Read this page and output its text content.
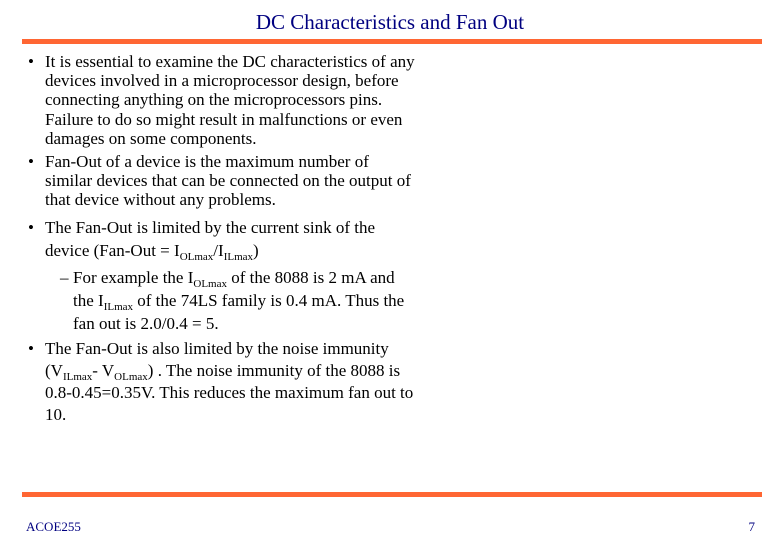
DC Characteristics and Fan Out
• It is essential to examine the DC characteristics of any devices involved in a microprocessor design, before connecting anything on the microprocessors pins. Failure to do so might result in malfunctions or even damages on some components.
• Fan-Out of a device is the maximum number of similar devices that can be connected on the output of that device without any problems.
• The Fan-Out is limited by the current sink of the device $(Fan-Out = I_{OLmax}/I_{ILmax})$
– For example the $I_{OLmax}$ of the 8088 is 2 mA and the $I_{ILmax}$ of the 74LS family is 0.4 mA. Thus the fan out is 2.0/0.4 = 5.
• The Fan-Out is also limited by the noise immunity ($V_{ILmax}-$ $V_{OLmax}$) . The noise immunity of the 8088 is 0.8-0.45=0.35V. This reduces the maximum fan out to 10.
ACOE255	7
